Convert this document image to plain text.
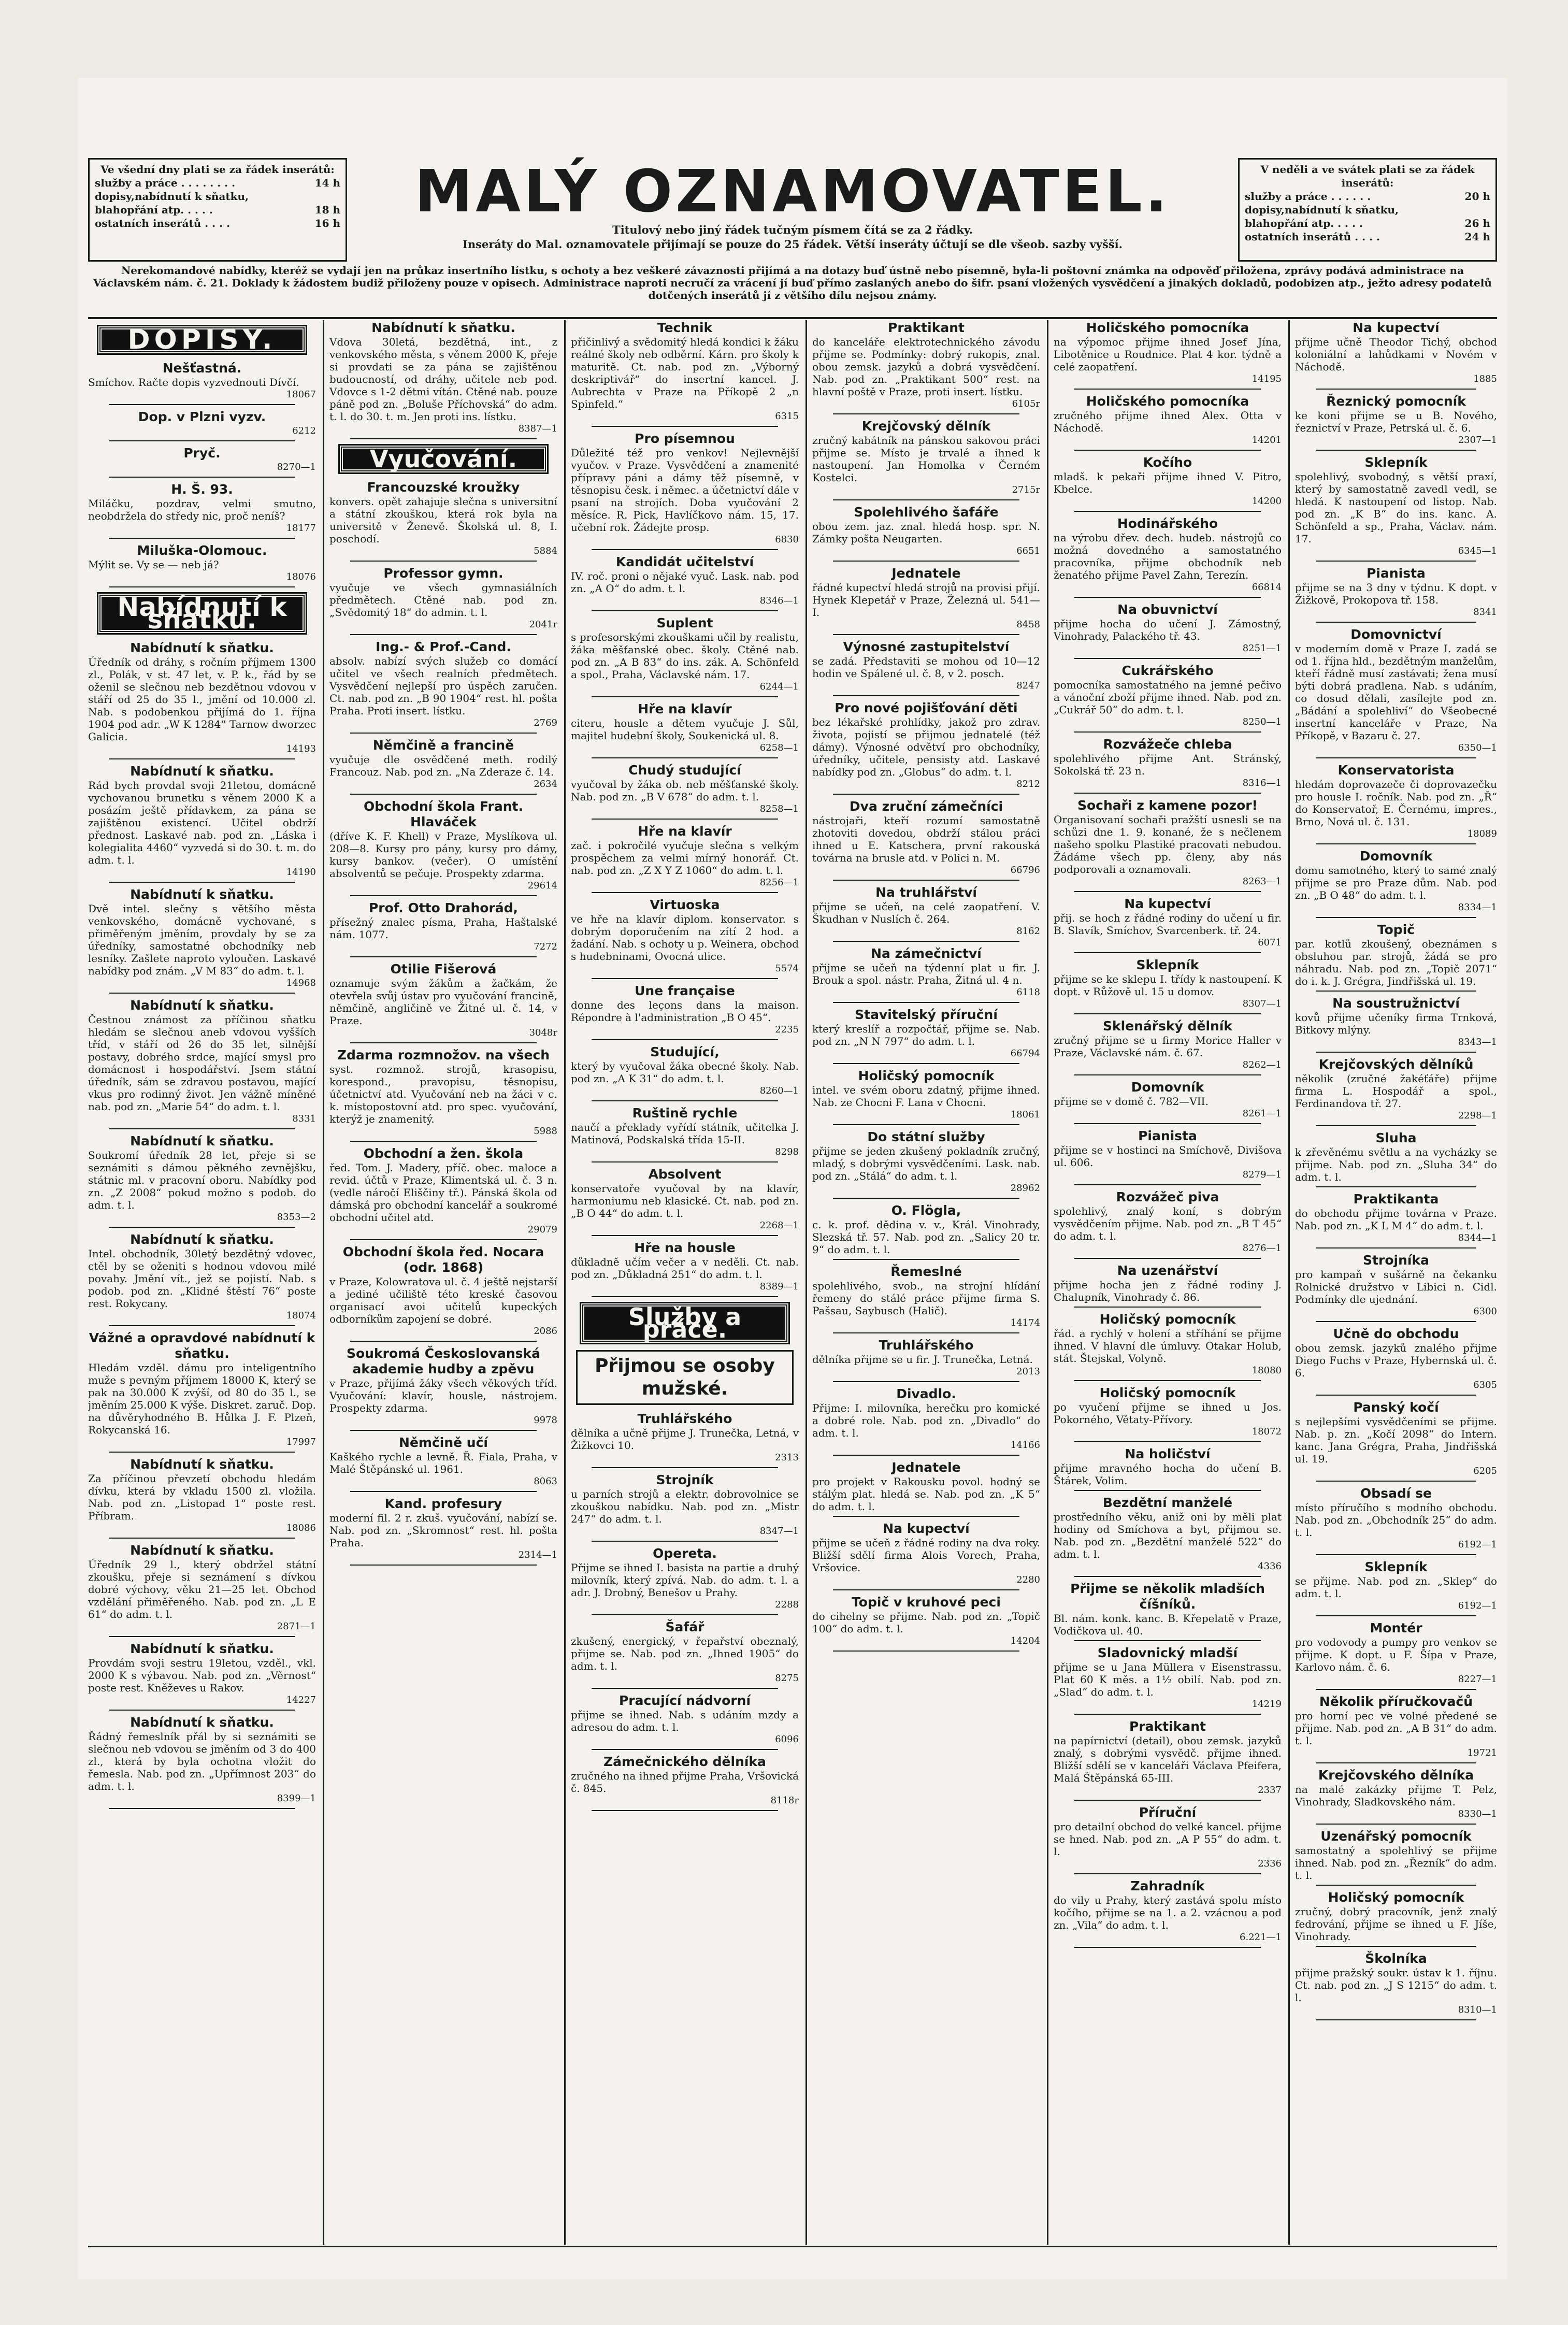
Ve všední dny plati se za řádek inserátů:
služby a práce . . . . . . . .	14 h
dopisy,nabídnutí k sňatku,
blahopřání atp. . . . .	18 h
ostatních inserátů . . . .	16 h	MALÝ OZNAMOVATEL.
Titulový nebo jiný řádek tučným písmem čítá se za 2 řádky.
Inseráty do Mal. oznamovatele přijímají se pouze do 25 řádek. Větší inseráty účtují se dle všeob. sazby vyšší.
V neděli a ve svátek plati se za řádek inserátů:
služby a práce . . . . . .	20 h
dopisy,nabídnutí k sňatku,
blahopřání atp. . . . .	26 h
ostatních inserátů . . . .	24 h
Nerekomandové nabídky, kteréž se vydají jen na průkaz insertního lístku, s ochoty a bez veškeré závaznosti přijímá a na dotazy buď ústně nebo písemně, byla-li poštovní známka na odpověď přiložena, zprávy podává administrace na Václavském nám. č. 21. Doklady k žádostem budiž přiloženy pouze v opisech. Administrace naproti necručí za vrácení jí buď přímo zaslaných anebo do šifr. psaní vložených vysvědčení a jinakých dokladů, podobizen atp., ježto adresy podatelů dotčených inserátů jí z většího dílu nejsou známy.
DOPISY.
Nešťastná.
Smíchov. Račte dopis vyzvednouti Dívčí.
18067
Dop. v Plzni vyzv.
6212
Pryč.
8270—1
H. Š. 93.
Miláčku, pozdrav, velmi smutno, neobdržela do středy nic, proč neníš?
18177
Miluška-Olomouc.
Mýlit se. Vy se — neb já?
18076
Nabídnutí k sňatku.
Nabídnutí k sňatku.
Úředník od dráhy, s ročním příjmem 1300 zl., Polák, v st. 47 let, v. P. k., řád by se oženil se slečnou neb bezdětnou vdovou v stáří od 25 do 35 l., jmění od 10.000 zl. Nab. s podobenkou přijímá do 1. října 1904 pod adr. „W K 1284“ Tarnow dworzec Galicia.
14193
Nabídnutí k sňatku.
Rád bych provdal svoji 21letou, domácně vychovanou brunetku s věnem 2000 K a posázím ještě přídavkem, za pána se zajištěnou existencí. Učitel obdrží přednost. Laskavé nab. pod zn. „Láska i kolegialita 4460“ vyzvedá si do 30. t. m. do adm. t. l.
14190
Nabídnutí k sňatku.
Dvě intel. slečny s většího města venkovského, domácně vychované, s přiměřeným jměním, provdaly by se za úředníky, samostatné obchodníky neb lesníky. Zašlete naproto vyloučen. Laskavé nabídky pod znám. „V M 83“ do adm. t. l.
14968
Nabídnutí k sňatku.
Čestnou známost za příčinou sňatku hledám se slečnou aneb vdovou vyšších tříd, v stáří od 26 do 35 let, silnější postavy, dobrého srdce, mající smysl pro domácnost i hospodářství. Jsem státní úředník, sám se zdravou postavou, mající vkus pro rodinný život. Jen vážně míněné nab. pod zn. „Marie 54“ do adm. t. l.
8331
Nabídnutí k sňatku.
Soukromí úředník 28 let, přeje si se seznámiti s dámou pěkného zevnějšku, státnic ml. v pracovní oboru. Nabídky pod zn. „Z 2008“ pokud možno s podob. do adm. t. l.
8353—2
Nabídnutí k sňatku.
Intel. obchodník, 30letý bezdětný vdovec, ctěl by se oženiti s hodnou vdovou milé povahy. Jmění vít., jež se pojistí. Nab. s podob. pod zn. „Klidné štěstí 76“ poste rest. Rokycany.
18074
Vážné a opravdové nabídnutí k sňatku.
Hledám vzděl. dámu pro inteligentního muže s pevným příjmem 18000 K, který se pak na 30.000 K zvýší, od 80 do 35 l., se jměním 25.000 K výše. Diskret. zaruč. Dop. na důvěryhodného B. Hůlka J. F. Plzeň, Rokycanská 16.
17997
Nabídnutí k sňatku.
Za příčinou převzetí obchodu hledám dívku, která by vkladu 1500 zl. vložila. Nab. pod zn. „Listopad 1“ poste rest. Příbram.
18086
Nabídnutí k sňatku.
Úředník 29 l., který obdržel státní zkoušku, přeje si seznámení s dívkou dobré výchovy, věku 21—25 let. Obchod vzdělání přiměřeného. Nab. pod zn. „L E 61“ do adm. t. l.
2871—1
Nabídnutí k sňatku.
Provdám svoji sestru 19letou, vzděl., vkl. 2000 K s výbavou. Nab. pod zn. „Věrnost“ poste rest. Kněževes u Rakov.
14227
Nabídnutí k sňatku.
Řádný řemeslník přál by si seznámiti se slečnou neb vdovou se jměním od 3 do 400 zl., která by byla ochotna vložit do řemesla. Nab. pod zn. „Upřímnost 203“ do adm. t. l.
8399—1
Nabídnutí k sňatku.
Vdova 30letá, bezdětná, int., z venkovského města, s věnem 2000 K, přeje si provdati se za pána se zajištěnou budoucností, od dráhy, učitele neb pod. Vdovce s 1-2 dětmi vítán. Ctěné nab. pouze páně pod zn. „Boluše Příchovská“ do adm. t. l. do 30. t. m. Jen proti ins. lístku.
8387—1
Vyučování.
Francouzské kroužky
konvers. opět zahajuje slečna s universitní a státní zkouškou, která rok byla na universitě v Ženevě. Školská ul. 8, I. poschodí.
5884
Professor gymn.
vyučuje ve všech gymnasiálních předmětech. Ctěné nab. pod zn. „Svědomitý 18“ do admin. t. l.
2041r
Ing.- & Prof.-Cand.
absolv. nabízí svých služeb co domácí učitel ve všech realních předmětech. Vysvědčení nejlepší pro úspěch zaručen. Ct. nab. pod zn. „B 90 1904“ rest. hl. pošta Praha. Proti insert. lístku.
2769
Němčině a francině
vyučuje dle osvědčené meth. rodilý Francouz. Nab. pod zn. „Na Zderaze č. 14.
2634
Obchodní škola Frant. Hlaváček
(dříve K. F. Khell) v Praze, Myslíkova ul. 208—8. Kursy pro pány, kursy pro dámy, kursy bankov. (večer). O umístění absolventů se pečuje. Prospekty zdarma.
29614
Prof. Otto Drahorád,
přísežný znalec písma, Praha, Haštalské nám. 1077.
7272
Otilie Fišerová
oznamuje svým žákům a žačkám, že otevřela svůj ústav pro vyučování francině, němčině, angličině ve Žitné ul. č. 14, v Praze.
3048r
Zdarma rozmnožov. na všech
syst. rozmnož. strojů, krasopisu, korespond., pravopisu, těsnopisu, účetnictví atd. Vyučování neb na žáci v c. k. místopostovní atd. pro spec. vyučování, kterýž je znamenitý.
5988
Obchodní a žen. škola
řed. Tom. J. Madery, příč. obec. maloce a revid. účtů v Praze, Klimentská ul. č. 3 n. (vedle náročí Eliščiny tř.). Pánská škola od dámská pro obchodní kancelář a soukromé obchodní učitel atd.
29079
Obchodní škola řed. Nocara (odr. 1868)
v Praze, Kolowratova ul. č. 4 ještě nejstarší a jediné učiliště této kreské časovou organisací avoi učitelů kupeckých odborníkům zapojení se dobré.
2086
Soukromá Českoslovanská akademie hudby a zpěvu
v Praze, přijímá žáky všech věkových tříd. Vyučování: klavír, housle, nástrojem. Prospekty zdarma.
9978
Němčině učí
Kaškého rychle a levně. Ř. Fiala, Praha, v Malé Štěpánské ul. 1961.
8063
Kand. profesury
moderní fil. 2 r. zkuš. vyučování, nabízí se. Nab. pod zn. „Skromnost“ rest. hl. pošta Praha.
2314—1
Technik
přičinlivý a svědomitý hledá kondici k žáku reálné školy neb odběrní. Kárn. pro školy k maturitě. Ct. nab. pod zn. „Výborný deskriptivář“ do insertní kancel. J. Aubrechta v Praze na Příkopě 2 „n Spinfeld.“
6315
Pro písemnou
Důležité též pro venkov! Nejlevnější vyučov. v Praze. Vysvědčení a znamenité přípravy páni a dámy těž písemně, v těsnopisu česk. i němec. a účetnictví dále v psaní na strojích. Doba vyučování 2 měsíce. R. Pick, Havlíčkovo nám. 15, 17. učební rok. Žádejte prosp.
6830
Kandidát učitelství
IV. roč. proni o nějaké vyuč. Lask. nab. pod zn. „A O“ do adm. t. l.
8346—1
Suplent
s profesorskými zkouškami učil by realistu, žáka měšťanské obec. školy. Ctěné nab. pod zn. „A B 83“ do ins. zák. A. Schönfeld a spol., Praha, Václavské nám. 17.
6244—1
Hře na klavír
citeru, housle a dětem vyučuje J. Sůl, majitel hudební školy, Soukenická ul. 8.
6258—1
Chudý studující
vyučoval by žáka ob. neb měšťanské školy. Nab. pod zn. „B V 678“ do adm. t. l.
8258—1
Hře na klavír
zač. i pokročilé vyučuje slečna s velkým prospěchem za velmi mírný honorář. Ct. nab. pod zn. „Z X Y Z 1060“ do adm. t. l.
8256—1
Virtuoska
ve hře na klavír diplom. konservator. s dobrým doporučením na zítí 2 hod. a žadání. Nab. s ochoty u p. Weinera, obchod s hudebninami, Ovocná ulice.
5574
Une française
donne des leçons dans la maison. Répondre à l'administration „B O 45“.
2235
Studující,
který by vyučoval žáka obecné školy. Nab. pod zn. „A K 31“ do adm. t. l.
8260—1
Ruštině rychle
naučí a překlady vyřídí státník, učitelka J. Matinová, Podskalská třída 15-II.
8298
Absolvent
konservatoře vyučoval by na klavír, harmoniumu neb klasické. Ct. nab. pod zn. „B O 44“ do adm. t. l.
2268—1
Hře na housle
důkladně učím večer a v neděli. Ct. nab. pod zn. „Důkladná 251“ do adm. t. l.
8389—1
Služby a práce.
Přijmou se osoby mužské.
Truhlářského
dělníka a učně přijme J. Trunečka, Letná, v Žižkovci 10.
2313
Strojník
u parních strojů a elektr. dobrovolnice se zkouškou nabídku. Nab. pod zn. „Mistr 247“ do adm. t. l.
8347—1
Opereta.
Přijme se ihned I. basista na partie a druhý milovník, který zpívá. Nab. do adm. t. l. a adr. J. Drobný, Benešov u Prahy.
2288
Šafář
zkušený, energický, v řepařství obeznalý, přijme se. Nab. pod zn. „Ihned 1905“ do adm. t. l.
8275
Pracující nádvorní
přijme se ihned. Nab. s udáním mzdy a adresou do adm. t. l.
6096
Zámečnického dělníka
zručného na ihned přijme Praha, Vršovická č. 845.
8118r
Praktikant
do kanceláře elektrotechnického závodu přijme se. Podmínky: dobrý rukopis, znal. obou zemsk. jazyků a dobrá vysvědčení. Nab. pod zn. „Praktikant 500“ rest. na hlavní poště v Praze, proti insert. lístku.
6105r
Krejčovský dělník
zručný kabátník na pánskou sakovou práci přijme se. Místo je trvalé a ihned k nastoupení. Jan Homolka v Černém Kostelci.
2715r
Spolehlivého šafáře
obou zem. jaz. znal. hledá hosp. spr. N. Zámky pošta Neugarten.
6651
Jednatele
řádné kupectví hledá strojů na provisi přijí. Hynek Klepetář v Praze, Železná ul. 541—I.
8458
Výnosné zastupitelství
se zadá. Představiti se mohou od 10—12 hodin ve Spálené ul. č. 8, v 2. posch.
8247
Pro nové pojišťování děti
bez lékařské prohlídky, jakož pro zdrav. života, pojistí se přijmou jednatelé (též dámy). Výnosné odvětví pro obchodníky, úředníky, učitele, pensisty atd. Laskavé nabídky pod zn. „Globus“ do adm. t. l.
8212
Dva zruční zámečníci
nástrojaři, kteří rozumí samostatně zhotoviti dovedou, obdrží stálou práci ihned u E. Katschera, první rakouská továrna na brusle atd. v Polici n. M.
66796
Na truhlářství
přijme se učeň, na celé zaopatření. V. Škudhan v Nuslích č. 264.
8162
Na zámečnictví
přijme se učeň na týdenní plat u fir. J. Brouk a spol. nástr. Praha, Žitná ul. 4 n.
6118
Stavitelský příruční
který kreslíř a rozpočtář, přijme se. Nab. pod zn. „N N 797“ do adm. t. l.
66794
Holičský pomocník
intel. ve svém oboru zdatný, přijme ihned. Nab. ze Chocni F. Lana v Chocni.
18061
Do státní služby
přijme se jeden zkušený pokladník zručný, mladý, s dobrými vysvědčeními. Lask. nab. pod zn. „Stálá“ do adm. t. l.
28962
O. Flögla,
c. k. prof. dědina v. v., Král. Vinohrady, Slezská tř. 57. Nab. pod zn. „Salicy 20 tr. 9“ do adm. t. l.
Řemeslné
spolehlivého, svob., na strojní hlídání řemeny do stálé práce přijme firma S. Pašsau, Saybusch (Halič).
14174
Truhlářského
dělníka přijme se u fir. J. Trunečka, Letná.
2013
Divadlo.
Přijme: I. milovníka, herečku pro komické a dobré role. Nab. pod zn. „Divadlo“ do adm. t. l.
14166
Jednatele
pro projekt v Rakousku povol. hodný se stálým plat. hledá se. Nab. pod zn. „K 5“ do adm. t. l.
Na kupectví
přijme se učeň z řádné rodiny na dva roky. Bližší sdělí firma Alois Vorech, Praha, Vršovice.
2280
Topič v kruhové peci
do cihelny se přijme. Nab. pod zn. „Topič 100“ do adm. t. l.
14204
Holičského pomocníka
na výpomoc přijme ihned Josef Jína, Libotěnice u Roudnice. Plat 4 kor. týdně a celé zaopatření.
14195
Holičského pomocníka
zručného přijme ihned Alex. Otta v Náchodě.
14201
Kočího
mladš. k pekaři přijme ihned V. Pitro, Kbelce.
14200
Hodinářského
na výrobu dřev. dech. hudeb. nástrojů co možná dovedného a samostatného pracovníka, přijme obchodník neb ženatého přijme Pavel Zahn, Terezín.
66814
Na obuvnictví
přijme hocha do učení J. Zámostný, Vinohrady, Palackého tř. 43.
8251—1
Cukrářského
pomocníka samostatného na jemné pečivo a vánoční zboží přijme ihned. Nab. pod zn. „Cukrář 50“ do adm. t. l.
8250—1
Rozvážeče chleba
spolehlivého přijme Ant. Stránský, Sokolská tř. 23 n.
8316—1
Sochaři z kamene pozor!
Organisovaní sochaři pražští usnesli se na schůzi dne 1. 9. konané, že s nečlenem našeho spolku Plastiké pracovati nebudou. Žádáme všech pp. členy, aby nás podporovali a oznamovali.
8263—1
Na kupectví
přij. se hoch z řádné rodiny do učení u fir. B. Slavík, Smíchov, Svarcenberk. tř. 24.
6071
Sklepník
přijme se ke sklepu I. třídy k nastoupení. K dopt. v Růžově ul. 15 u domov.
8307—1
Sklenářský dělník
zručný přijme se u firmy Morice Haller v Praze, Václavské nám. č. 67.
8262—1
Domovník
přijme se v domě č. 782—VII.
8261—1
Pianista
přijme se v hostinci na Smíchově, Divišova ul. 606.
8279—1
Rozvážeč piva
spolehlivý, znalý koní, s dobrým vysvědčením přijme. Nab. pod zn. „B T 45“ do adm. t. l.
8276—1
Na uzenářství
přijme hocha jen z řádné rodiny J. Chalupník, Vinohrady č. 86.
Holičský pomocník
řád. a rychlý v holení a stříhání se přijme ihned. V hlavní dle úmluvy. Otakar Holub, stát. Štejskal, Volyně.
18080
Holičský pomocník
po vyučení přijme se ihned u Jos. Pokorného, Větaty-Přívory.
18072
Na holičství
přijme mravného hocha do učení B. Štárek, Volim.
Bezdětní manželé
prostředního věku, aniž oni by měli plat hodiny od Smíchova a byt, přijmou se. Nab. pod zn. „Bezdětní manželé 522“ do adm. t. l.
4336
Přijme se několik mladších číšníků.
Bl. nám. konk. kanc. B. Křepelatě v Praze, Vodičkova ul. 40.
Sladovnický mladší
přijme se u Jana Müllera v Eisenstrassu. Plat 60 K měs. a 1½ obilí. Nab. pod zn. „Slad“ do adm. t. l.
14219
Praktikant
na papírnictví (detail), obou zemsk. jazyků znalý, s dobrými vysvědč. přijme ihned. Bližší sdělí se v kanceláři Václava Pfeifera, Malá Štěpánská 65-III.
2337
Příruční
pro detailní obchod do velké kancel. přijme se hned. Nab. pod zn. „A P 55“ do adm. t. l.
2336
Zahradník
do vily u Prahy, který zastává spolu místo kočího, přijme se na 1. a 2. vzácnou a pod zn. „Vila“ do adm. t. l.
6.221—1
Na kupectví
přijme učně Theodor Tichý, obchod koloniální a lahůdkami v Novém v Náchodě.
1885
Řeznický pomocník
ke koni přijme se u B. Nového, řeznictví v Praze, Petrská ul. č. 6.
2307—1
Sklepník
spolehlivý, svobodný, s větší praxí, který by samostatně zavedl vedl, se hledá. K nastoupení od listop. Nab. pod zn. „K B“ do ins. kanc. A. Schönfeld a sp., Praha, Václav. nám. 17.
6345—1
Pianista
přijme se na 3 dny v týdnu. K dopt. v Žižkově, Prokopova tř. 158.
8341
Domovnictví
v moderním domě v Praze I. zadá se od 1. října hld., bezdětným manželům, kteří řádně musí zastávati; žena musí býti dobrá pradlena. Nab. s udáním, co dosud dělali, zasílejte pod zn. „Bádání a spolehliví“ do Všeobecné insertní kanceláře v Praze, Na Příkopě, v Bazaru č. 27.
6350—1
Konservatorista
hledám doprovazeče či doprovazečku pro housle I. ročník. Nab. pod zn. „Ř“ do Konservatoř, E. Černému, impres., Brno, Nová ul. č. 131.
18089
Domovník
domu samotného, který to samé znalý přijme se pro Praze dům. Nab. pod zn. „B O 48“ do adm. t. l.
8334—1
Topič
par. kotlů zkoušený, obeznámen s obsluhou par. strojů, žádá se pro náhradu. Nab. pod zn. „Topič 2071“ do i. k. J. Grégra, Jindřišská ul. 19.
Na soustružnictví
kovů přijme učeníky firma Trnková, Bitkovy mlýny.
8343—1
Krejčovských dělníků
několik (zručné žakéťáře) přijme firma L. Hospodář a spol., Ferdinandova tř. 27.
2298—1
Sluha
k zřevěnému světlu a na vycházky se přijme. Nab. pod zn. „Sluha 34“ do adm. t. l.
Praktikanta
do obchodu přijme továrna v Praze. Nab. pod zn. „K L M 4“ do adm. t. l.
8344—1
Strojníka
pro kampaň v sušárně na čekanku Rolnické družstvo v Libici n. Cidl. Podmínky dle ujednání.
6300
Učně do obchodu
obou zemsk. jazyků znalého přijme Diego Fuchs v Praze, Hybernská ul. č. 6.
6305
Panský kočí
s nejlepšími vysvědčeními se přijme. Nab. p. zn. „Kočí 2098“ do Intern. kanc. Jana Grégra, Praha, Jindřišská ul. 19.
6205
Obsadí se
místo příručího s modního obchodu. Nab. pod zn. „Obchodník 25“ do adm. t. l.
6192—1
Sklepník
se přijme. Nab. pod zn. „Sklep“ do adm. t. l.
6192—1
Montér
pro vodovody a pumpy pro venkov se přijme. K dopt. u F. Šípa v Praze, Karlovo nám. č. 6.
8227—1
Několik příručkovačů
pro horní pec ve volné předené se přijme. Nab. pod zn. „A B 31“ do adm. t. l.
19721
Krejčovského dělníka
na malé zakázky přijme T. Pelz, Vinohrady, Sladkovského nám.
8330—1
Uzenářský pomocník
samostatný a spolehlivý se přijme ihned. Nab. pod zn. „Řezník“ do adm. t. l.
Holičský pomocník
zručný, dobrý pracovník, jenž znalý fedrování, přijme se ihned u F. Jíše, Vinohrady.
Školníka
přijme pražský soukr. ústav k 1. říjnu. Ct. nab. pod zn. „J S 1215“ do adm. t. l.
8310—1
